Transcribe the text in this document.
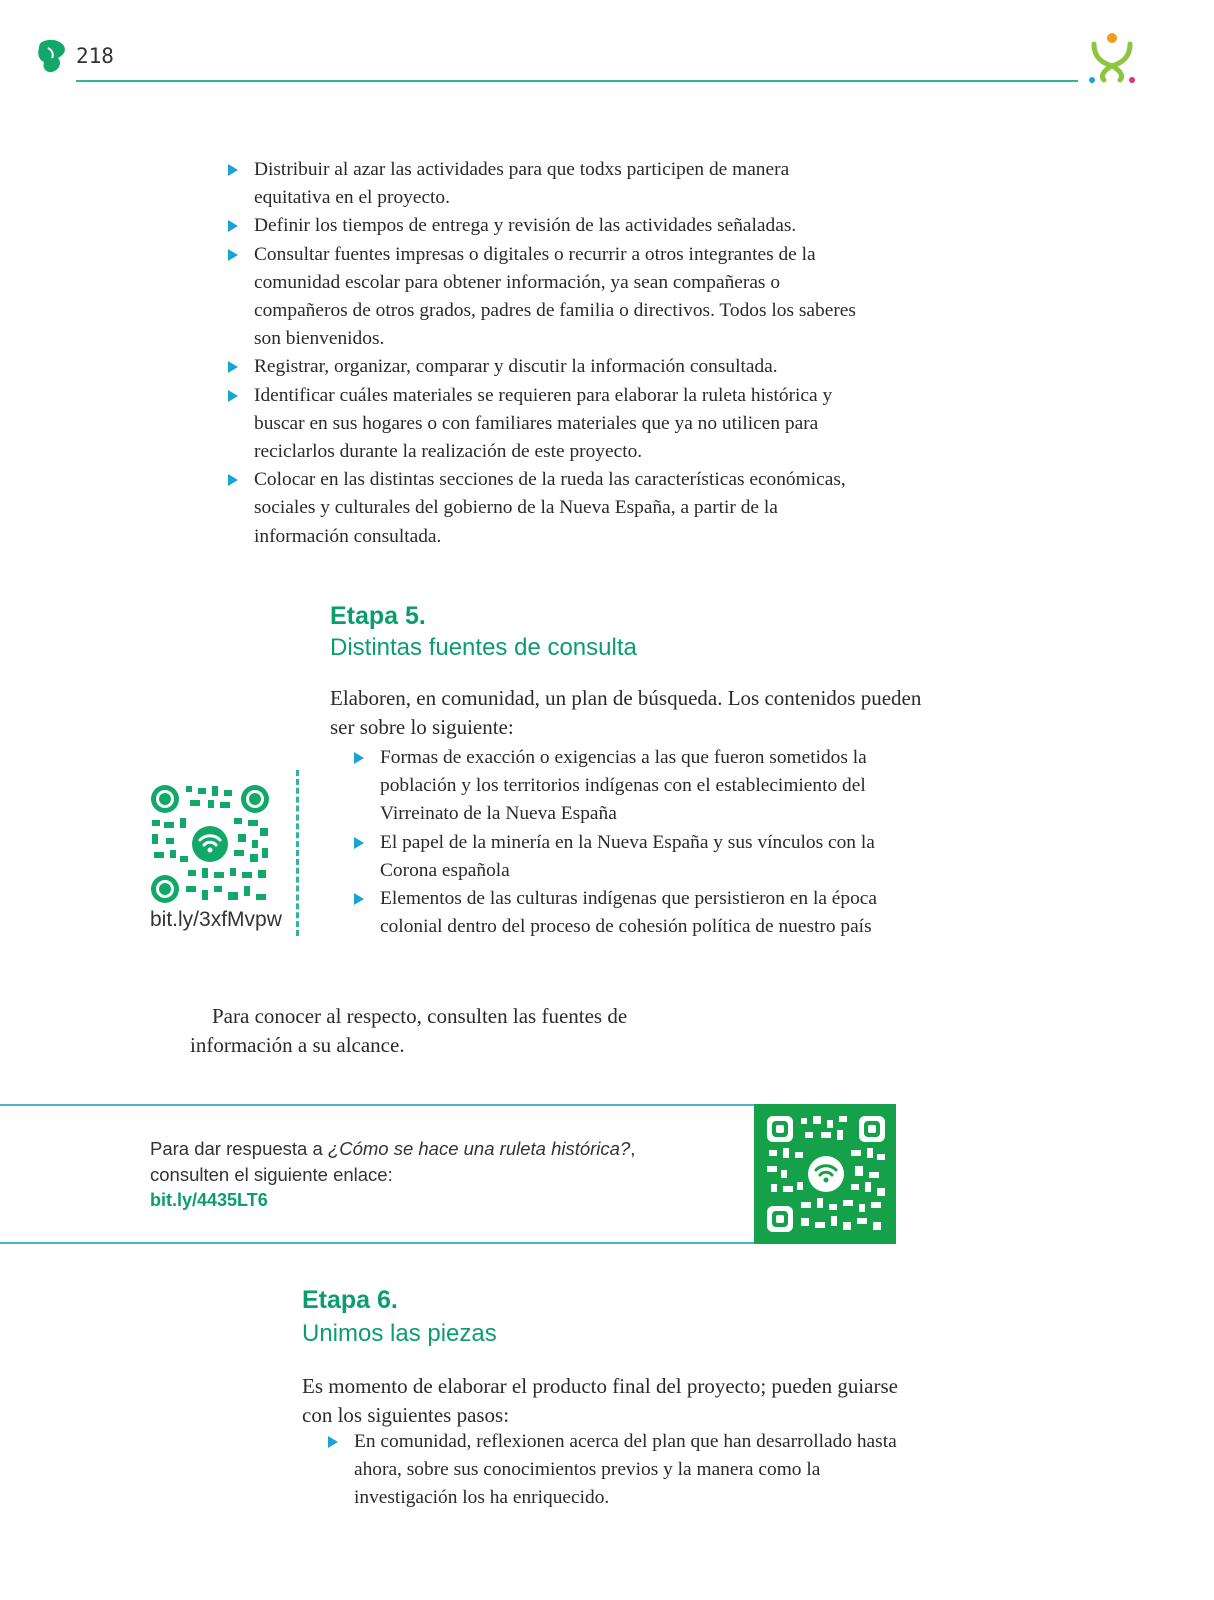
218
Distribuir al azar las actividades para que todxs participen de manera equitativa en el proyecto.
Definir los tiempos de entrega y revisión de las actividades señaladas.
Consultar fuentes impresas o digitales o recurrir a otros integrantes de la comunidad escolar para obtener información, ya sean compañeras o compañeros de otros grados, padres de familia o directivos. Todos los saberes son bienvenidos.
Registrar, organizar, comparar y discutir la información consultada.
Identificar cuáles materiales se requieren para elaborar la ruleta histórica y buscar en sus hogares o con familiares materiales que ya no utilicen para reciclarlos durante la realización de este proyecto.
Colocar en las distintas secciones de la rueda las características económicas, sociales y culturales del gobierno de la Nueva España, a partir de la información consultada.
Etapa 5.
Distintas fuentes de consulta
Elaboren, en comunidad, un plan de búsqueda. Los contenidos pueden ser sobre lo siguiente:
Formas de exacción o exigencias a las que fueron sometidos la población y los territorios indígenas con el establecimiento del Virreinato de la Nueva España
El papel de la minería en la Nueva España y sus vínculos con la Corona española
Elementos de las culturas indígenas que persistieron en la época colonial dentro del proceso de cohesión política de nuestro país
bit.ly/3xfMvpw
Para conocer al respecto, consulten las fuentes de información a su alcance.
Para dar respuesta a ¿Cómo se hace una ruleta histórica?, consulten el siguiente enlace:
bit.ly/4435LT6
Etapa 6.
Unimos las piezas
Es momento de elaborar el producto final del proyecto; pueden guiarse con los siguientes pasos:
En comunidad, reflexionen acerca del plan que han desarrollado hasta ahora, sobre sus conocimientos previos y la manera como la investigación los ha enriquecido.
